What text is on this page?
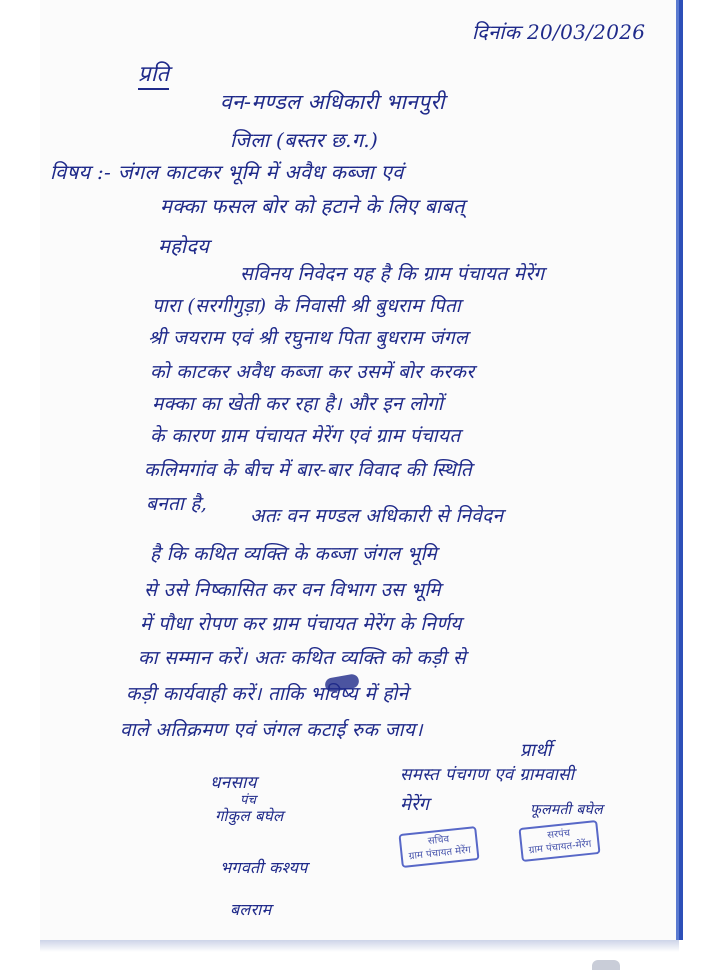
दिनांक 20/03/2026
प्रति
वन-मण्डल अधिकारी भानपुरी
जिला (बस्तर छ.ग.)
विषय :- जंगल काटकर भूमि में अवैध कब्जा एवं
मक्का फसल बोर को हटाने के लिए बाबत्
महोदय
सविनय निवेदन यह है कि ग्राम पंचायत मेरेंग
पारा (सरगीगुड़ा) के निवासी श्री बुधराम पिता
श्री जयराम एवं श्री रघुनाथ पिता बुधराम जंगल
को काटकर अवैध कब्जा कर उसमें बोर करकर
मक्का का खेती कर रहा है। और इन लोगों
के कारण ग्राम पंचायत मेरेंग एवं ग्राम पंचायत
कलिमगांव के बीच में बार-बार विवाद की स्थिति
बनता है,
अतः वन मण्डल अधिकारी से निवेदन
है कि कथित व्यक्ति के कब्जा जंगल भूमि
से उसे निष्कासित कर वन विभाग उस भूमि
में पौधा रोपण कर ग्राम पंचायत मेरेंग के निर्णय
का सम्मान करें। अतः कथित व्यक्ति को कड़ी से
कड़ी कार्यवाही करें। ताकि भविष्य में होने
वाले अतिक्रमण एवं जंगल कटाई रुक जाय।
प्रार्थी
समस्त पंचगण एवं ग्रामवासी
मेरेंग
धनसाय
पंच
गोकुल बघेल
भगवती कश्यप
बलराम
सचिव
ग्राम पंचायत मेरेंग
फूलमती बघेल
सरपंच
ग्राम पंचायत-मेरेंग
